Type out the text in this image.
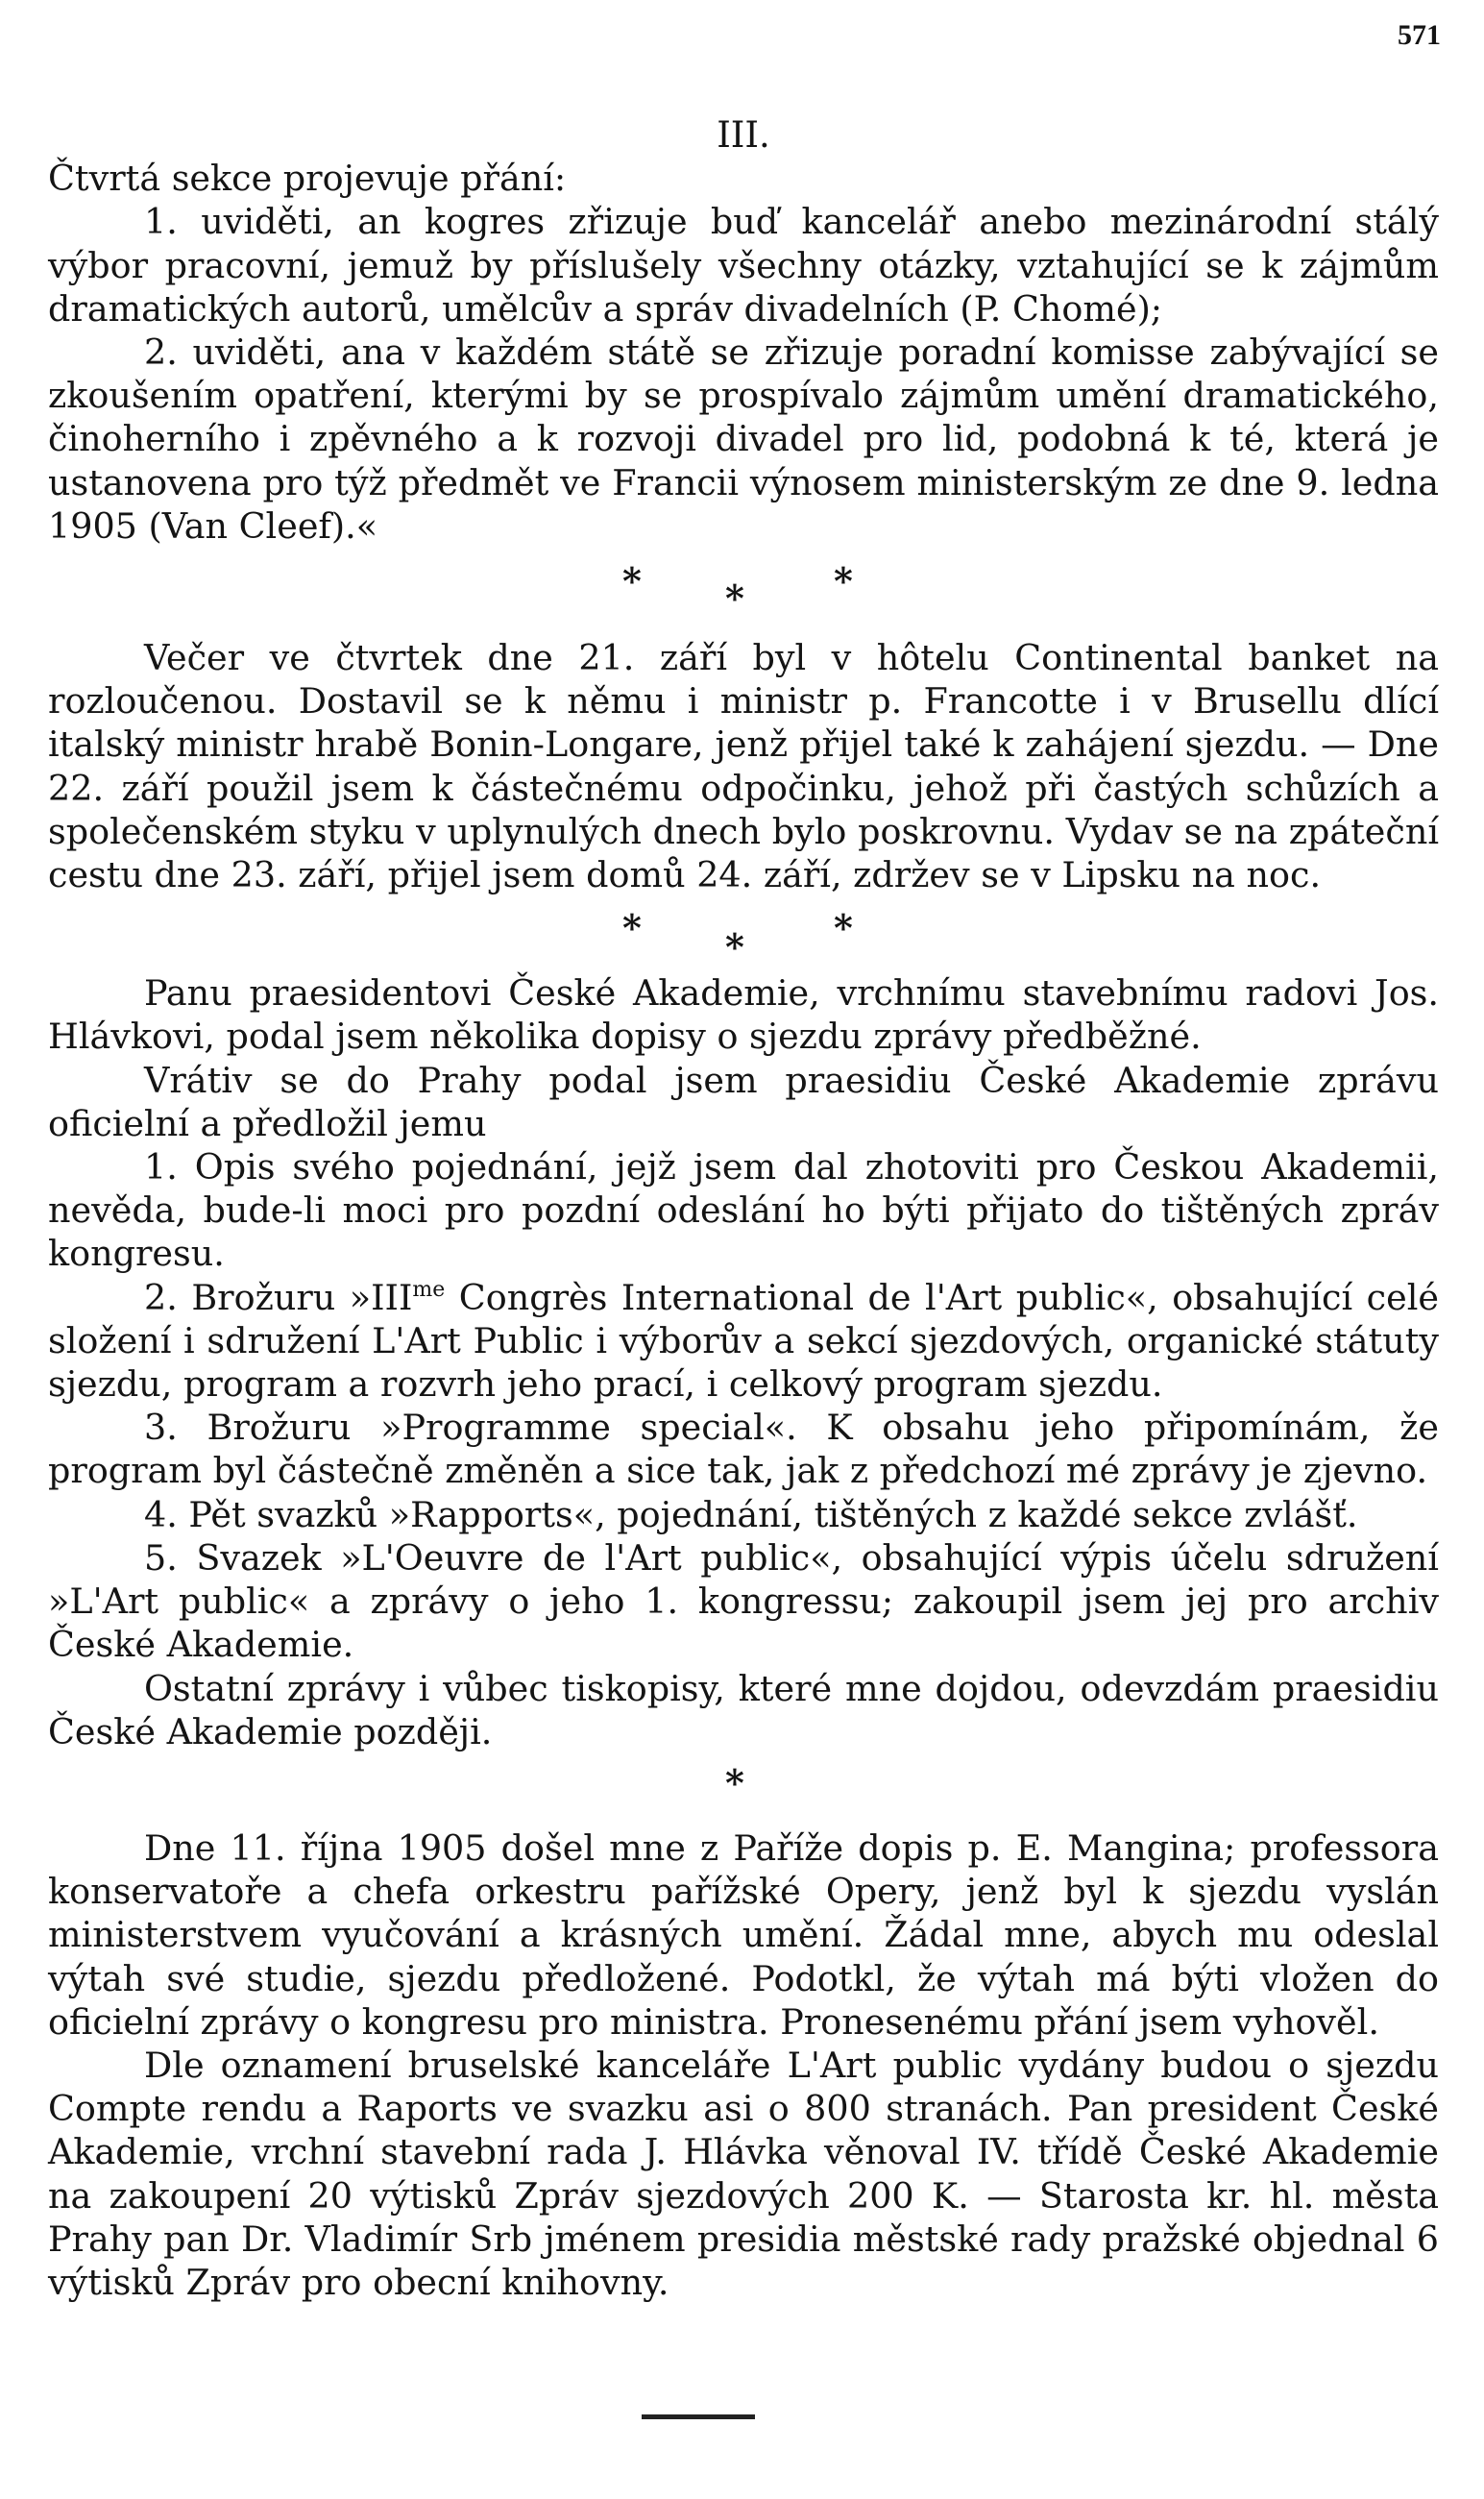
571

III.

Čtvrtá sekce projevuje přání:

1. uviděti, an kogres zřizuje buď kancelář anebo mezinárodní stálý výbor pracovní, jemuž by příslušely všechny otázky, vztahující se k zájmům dramatických autorů, umělcův a správ divadelních (P. Chomé);

2. uviděti, ana v každém státě se zřizuje poradní komisse zabývající se zkoušením opatření, kterými by se prospívalo zájmům umění dramatického, činoherního i zpěvného a k rozvoji divadel pro lid, podobná k té, která je ustanovena pro týž předmět ve Francii výnosem ministerským ze dne 9. ledna 1905 (Van Cleef).«

* * *

Večer ve čtvrtek dne 21. září byl v hôtelu Continental banket na rozloučenou. Dostavil se k němu i ministr p. Francotte i v Brusellu dlící italský ministr hrabě Bonin-Longare, jenž přijel také k zahájení sjezdu. — Dne 22. září použil jsem k částečnému odpočinku, jehož při častých schůzích a společenském styku v uplynulých dnech bylo poskrovnu. Vydav se na zpáteční cestu dne 23. září, přijel jsem domů 24. září, zdržev se v Lipsku na noc.

* * *

Panu praesidentovi České Akademie, vrchnímu stavebnímu radovi Jos. Hlávkovi, podal jsem několika dopisy o sjezdu zprávy předběžné.

Vrátiv se do Prahy podal jsem praesidiu České Akademie zprávu oficielní a předložil jemu

1. Opis svého pojednání, jejž jsem dal zhotoviti pro Českou Akademii, nevěda, bude-li moci pro pozdní odeslání ho býti přijato do tištěných zpráv kongresu.

2. Brožuru $»III^{me}$ Congrès International de l'Art public«, obsahující celé složení i sdružení L'Art Public i výborův a sekcí sjezdových, organické státuty sjezdu, program a rozvrh jeho prací, i celkový program sjezdu.

3. Brožuru »Programme special«. K obsahu jeho připomínám, že program byl částečně změněn a sice tak, jak z předchozí mé zprávy je zjevno.

4. Pět svazků »Rapports«, pojednání, tištěných z každé sekce zvlášť.

5. Svazek »L'Oeuvre de l'Art public«, obsahující výpis účelu sdružení »L'Art public« a zprávy o jeho 1. kongressu; zakoupil jsem jej pro archiv České Akademie.

Ostatní zprávy i vůbec tiskopisy, které mne dojdou, odevzdám praesidiu České Akademie později.

*

Dne 11. října 1905 došel mne z Paříže dopis p. E. Mangina; professora konservatoře a chefa orkestru pařížské Opery, jenž byl k sjezdu vyslán ministerstvem vyučování a krásných umění. Žádal mne, abych mu odeslal výtah své studie, sjezdu předložené. Podotkl, že výtah má býti vložen do oficielní zprávy o kongresu pro ministra. Pronesenému přání jsem vyhověl.

Dle oznamení bruselské kanceláře L'Art public vydány budou o sjezdu Compte rendu a Raports ve svazku asi o 800 stranách. Pan president České Akademie, vrchní stavební rada J. Hlávka věnoval IV. třídě České Akademie na zakoupení 20 výtisků Zpráv sjezdových 200 K. — Starosta kr. hl. města Prahy pan Dr. Vladimír Srb jménem presidia městské rady pražské objednal 6 výtisků Zpráv pro obecní knihovny.
